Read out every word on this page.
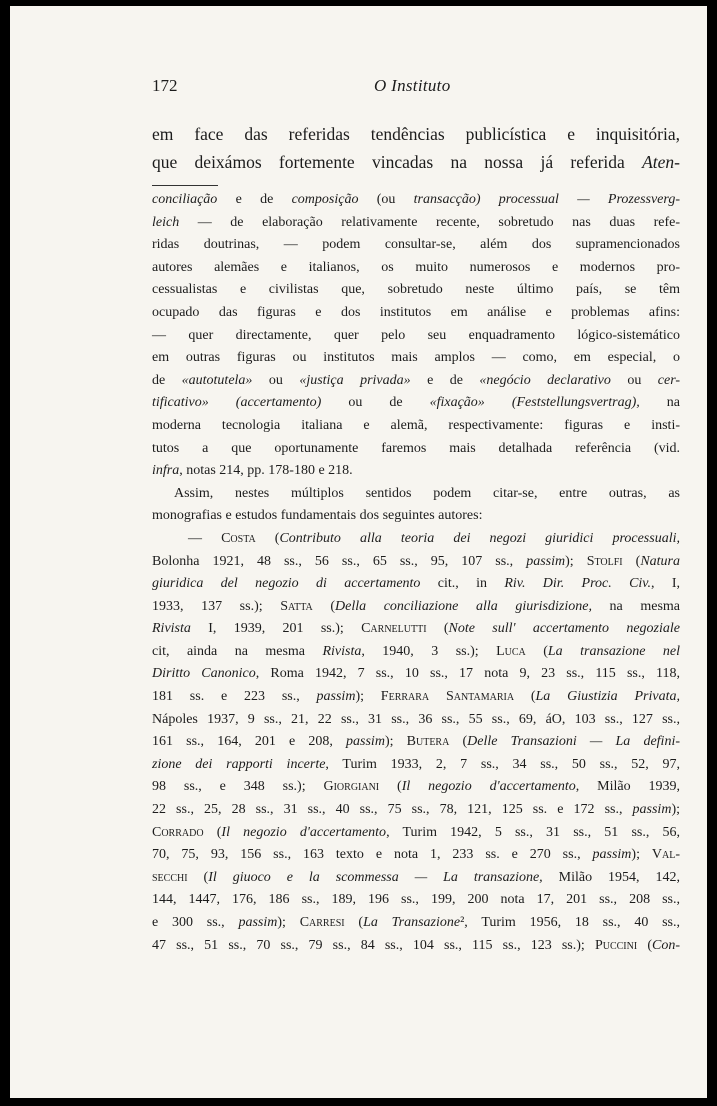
172	O Instituto
em face das referidas tendências publicística e inquisitória,
que deixámos fortemente vincadas na nossa já referida Aten-
conciliação e de composição (ou transacção) processual — Prozessverg-
leich — de elaboração relativamente recente, sobretudo nas duas refe-
ridas doutrinas, — podem consultar-se, além dos supramencionados
autores alemães e italianos, os muito numerosos e modernos pro-
cessualistas e civilistas que, sobretudo neste último país, se têm
ocupado das figuras e dos institutos em análise e problemas afins:
— quer directamente, quer pelo seu enquadramento lógico-sistemático
em outras figuras ou institutos mais amplos — como, em especial, o
de «autotutela» ou «justiça privada» e de «negócio declarativo ou cer-
tificativo» (accertamento) ou de «fixação» (Feststellungsvertrag), na
moderna tecnologia italiana e alemã, respectivamente: figuras e insti-
tutos a que oportunamente faremos mais detalhada referência (vid.
infra, notas 214, pp. 178-180 e 218.
Assim, nestes múltiplos sentidos podem citar-se, entre outras, as
monografias e estudos fundamentais dos seguintes autores:
— Costa (Contributo alla teoria dei negozi giuridici processuali,
Bolonha 1921, 48 ss., 56 ss., 65 ss., 95, 107 ss., passim); Stolfi (Natura
giuridica del negozio di accertamento cit., in Riv. Dir. Proc. Civ., I,
1933, 137 ss.); Satta (Della conciliazione alla giurisdizione, na mesma
Rivista I, 1939, 201 ss.); Carnelutti (Note sull' accertamento negoziale
cit, ainda na mesma Rivista, 1940, 3 ss.); Luca (La transazione nel
Diritto Canonico, Roma 1942, 7 ss., 10 ss., 17 nota 9, 23 ss., 115 ss., 118,
181 ss. e 223 ss., passim); Ferrara Santamaria (La Giustizia Privata,
Nápoles 1937, 9 ss., 21, 22 ss., 31 ss., 36 ss., 55 ss., 69, áO, 103 ss., 127 ss.,
161 ss., 164, 201 e 208, passim); Butera (Delle Transazioni — La defini-
zione dei rapporti incerte, Turim 1933, 2, 7 ss., 34 ss., 50 ss., 52, 97,
98 ss., e 348 ss.); Giorgiani (Il negozio d'accertamento, Milão 1939,
22 ss., 25, 28 ss., 31 ss., 40 ss., 75 ss., 78, 121, 125 ss. e 172 ss., passim);
Corrado (Il negozio d'accertamento, Turim 1942, 5 ss., 31 ss., 51 ss., 56,
70, 75, 93, 156 ss., 163 texto e nota 1, 233 ss. e 270 ss., passim); Val-
secchi (Il giuoco e la scommessa — La transazione, Milão 1954, 142,
144, 1447, 176, 186 ss., 189, 196 ss., 199, 200 nota 17, 201 ss., 208 ss.,
e 300 ss., passim); Carresi (La Transazione², Turim 1956, 18 ss., 40 ss.,
47 ss., 51 ss., 70 ss., 79 ss., 84 ss., 104 ss., 115 ss., 123 ss.); Puccini (Con-
